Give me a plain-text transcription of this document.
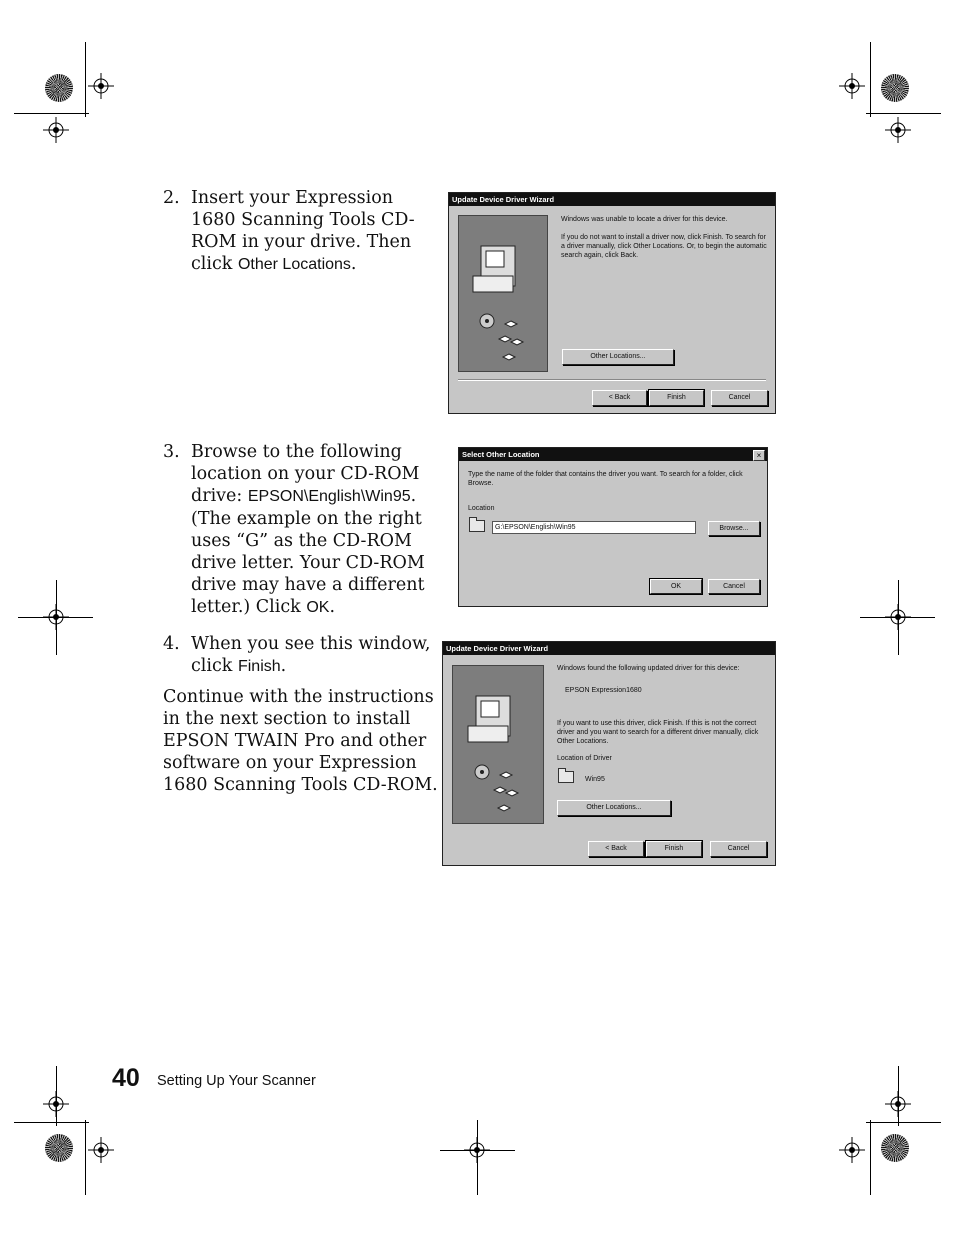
2. Insert your Expression 1680 Scanning Tools CD-ROM in your drive. Then click Other Locations.
Update Device Driver Wizard
Windows was unable to locate a driver for this device.
If you do not want to install a driver now, click Finish. To search for a driver manually, click Other Locations. Or, to begin the automatic search again, click Back.
Other Locations...
< Back	Finish	Cancel
3. Browse to the following location on your CD-ROM drive: EPSON\English\Win95. (The example on the right uses “G” as the CD-ROM drive letter. Your CD-ROM drive may have a different letter.) Click OK.
Select Other Location	×
Type the name of the folder that contains the driver you want. To search for a folder, click Browse.
Location
G:\EPSON\English\Win95	Browse...
OK	Cancel
4. When you see this window, click Finish.
Continue with the instructions in the next section to install EPSON TWAIN Pro and other software on your Expression 1680 Scanning Tools CD-ROM.
Update Device Driver Wizard
Windows found the following updated driver for this device:
EPSON Expression1680
If you want to use this driver, click Finish. If this is not the correct driver and you want to search for a different driver manually, click Other Locations.
Location of Driver
Win95
Other Locations...
< Back	Finish	Cancel
40 Setting Up Your Scanner
